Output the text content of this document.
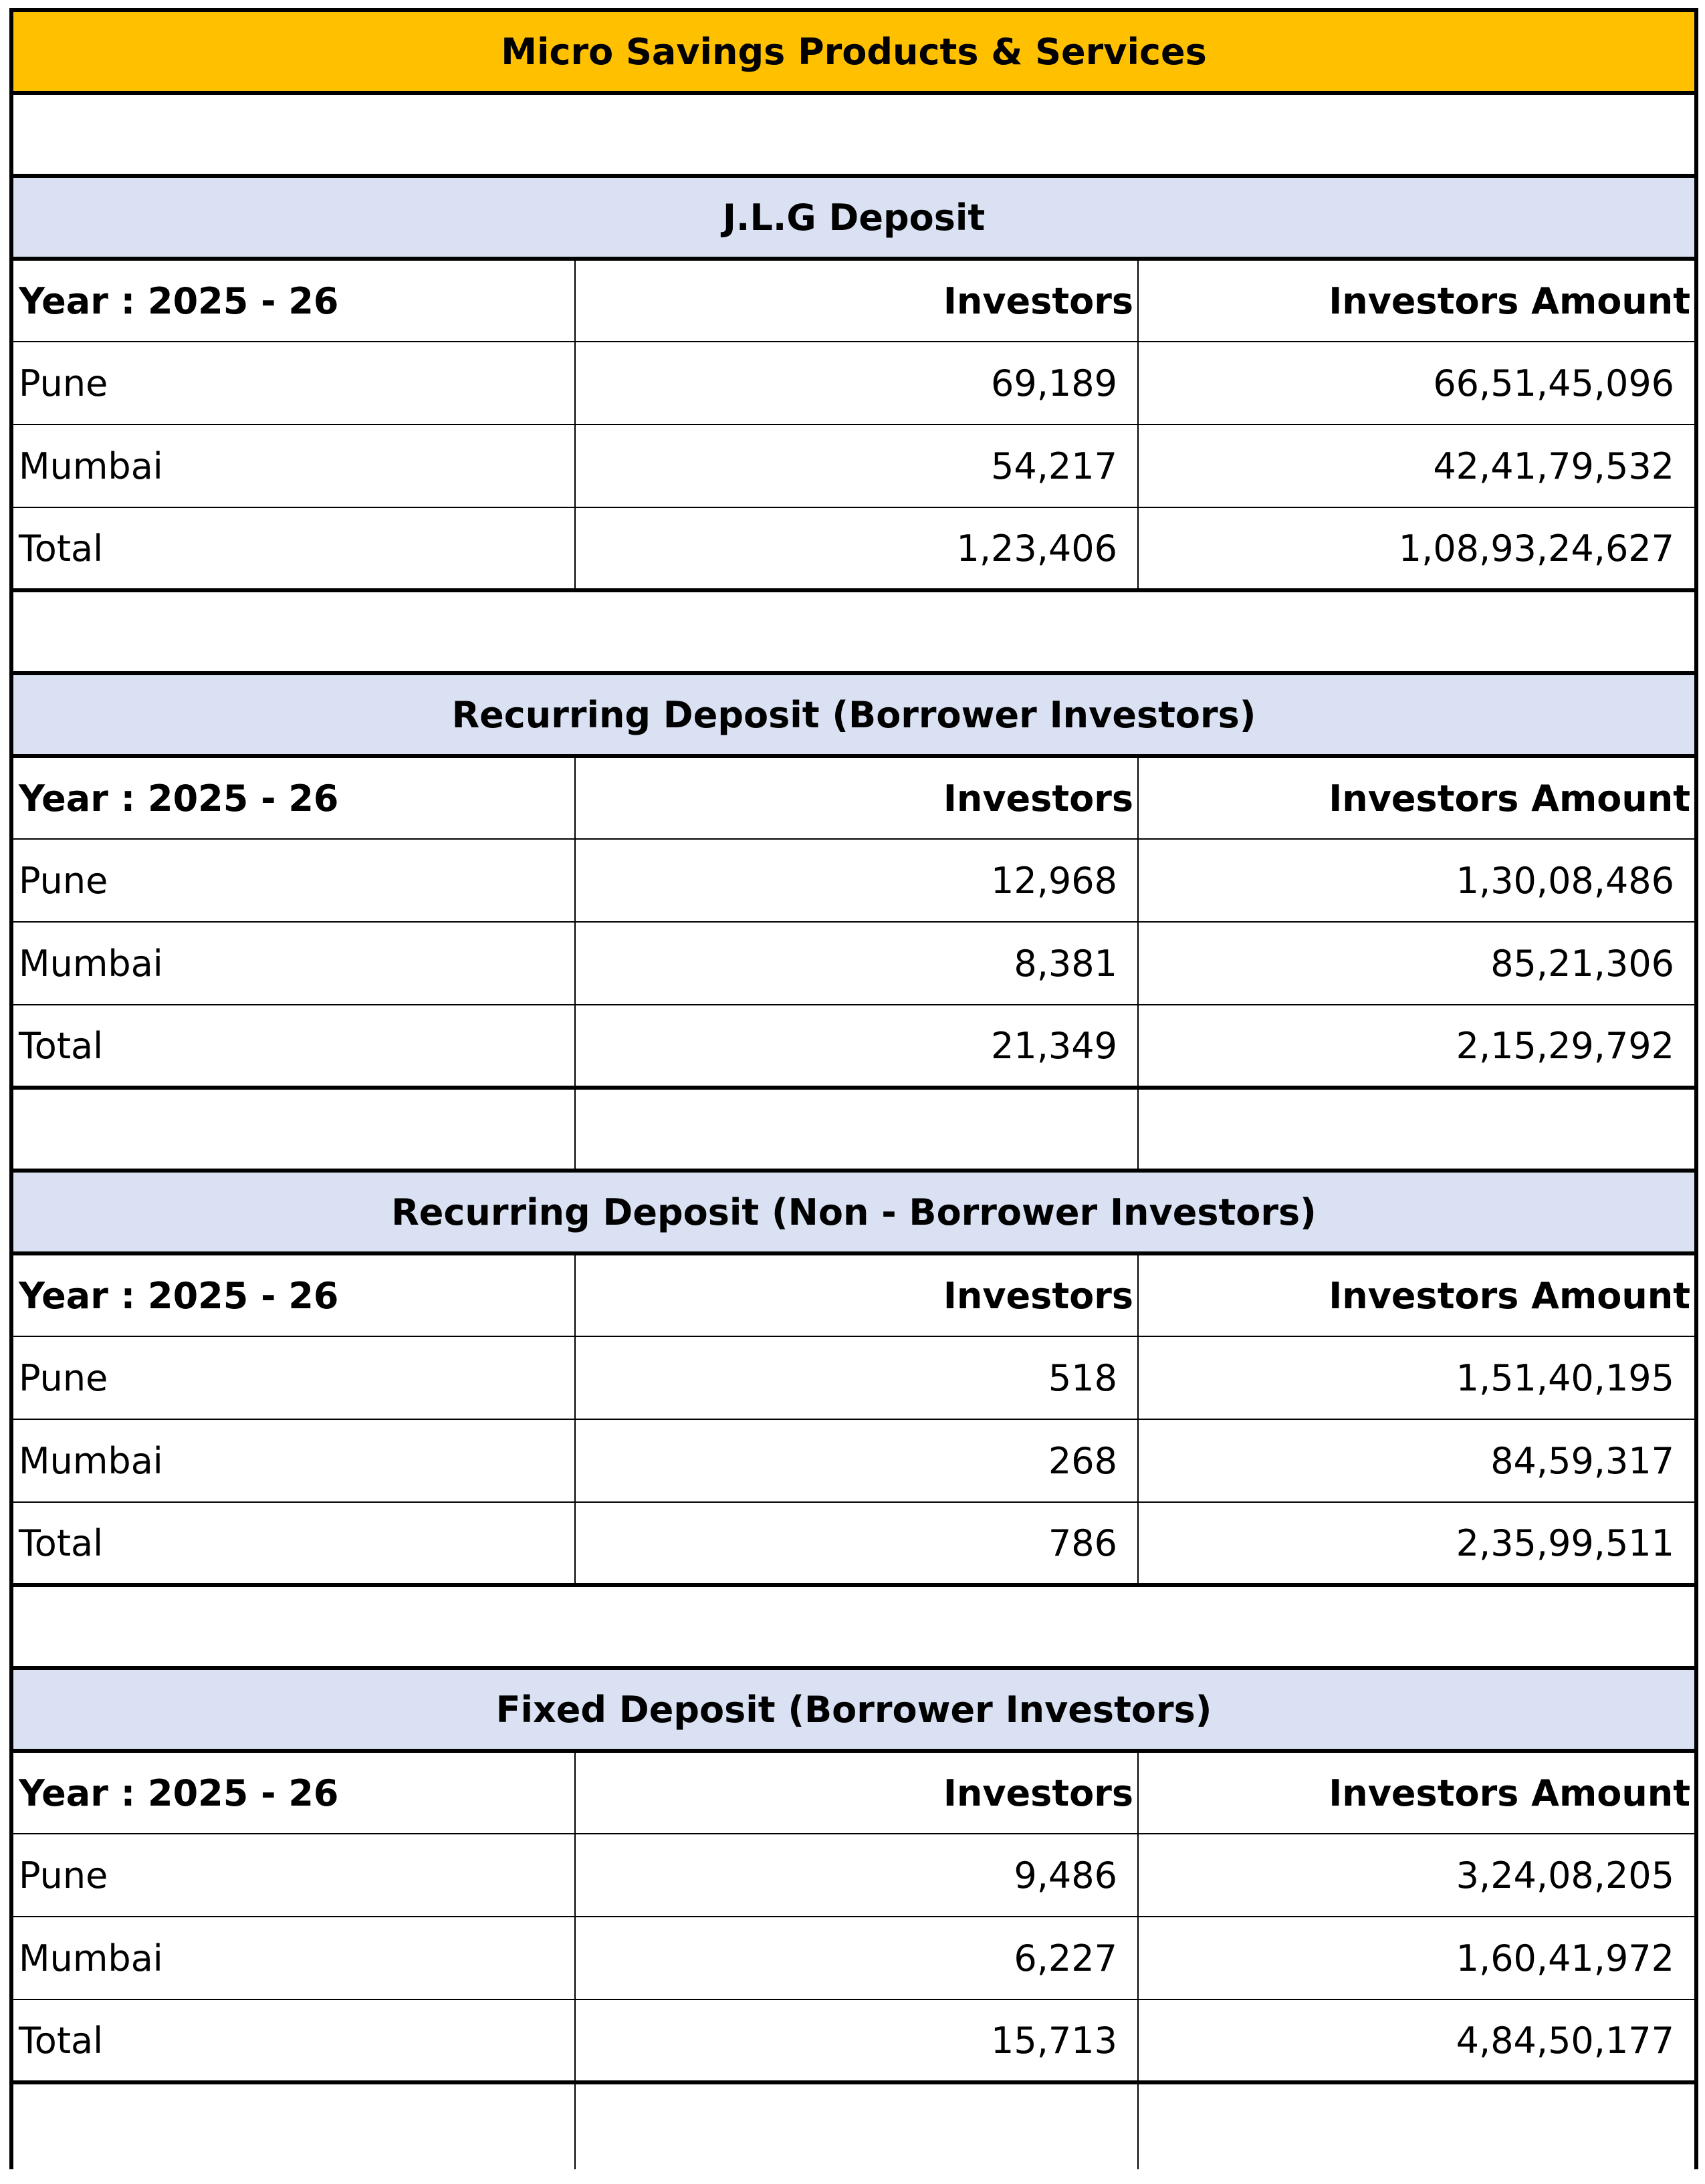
Micro Savings Products & Services		

J.L.G Deposit		
Year : 2025 - 26	Investors	Investors Amount
Pune	69,189	66,51,45,096
Mumbai	54,217	42,41,79,532
Total	1,23,406	1,08,93,24,627

Recurring Deposit (Borrower Investors)		
Year : 2025 - 26	Investors	Investors Amount
Pune	12,968	1,30,08,486
Mumbai	8,381	85,21,306
Total	21,349	2,15,29,792

Recurring Deposit (Non - Borrower Investors)		
Year : 2025 - 26	Investors	Investors Amount
Pune	518	1,51,40,195
Mumbai	268	84,59,317
Total	786	2,35,99,511

Fixed Deposit (Borrower Investors)		
Year : 2025 - 26	Investors	Investors Amount
Pune	9,486	3,24,08,205
Mumbai	6,227	1,60,41,972
Total	15,713	4,84,50,177
